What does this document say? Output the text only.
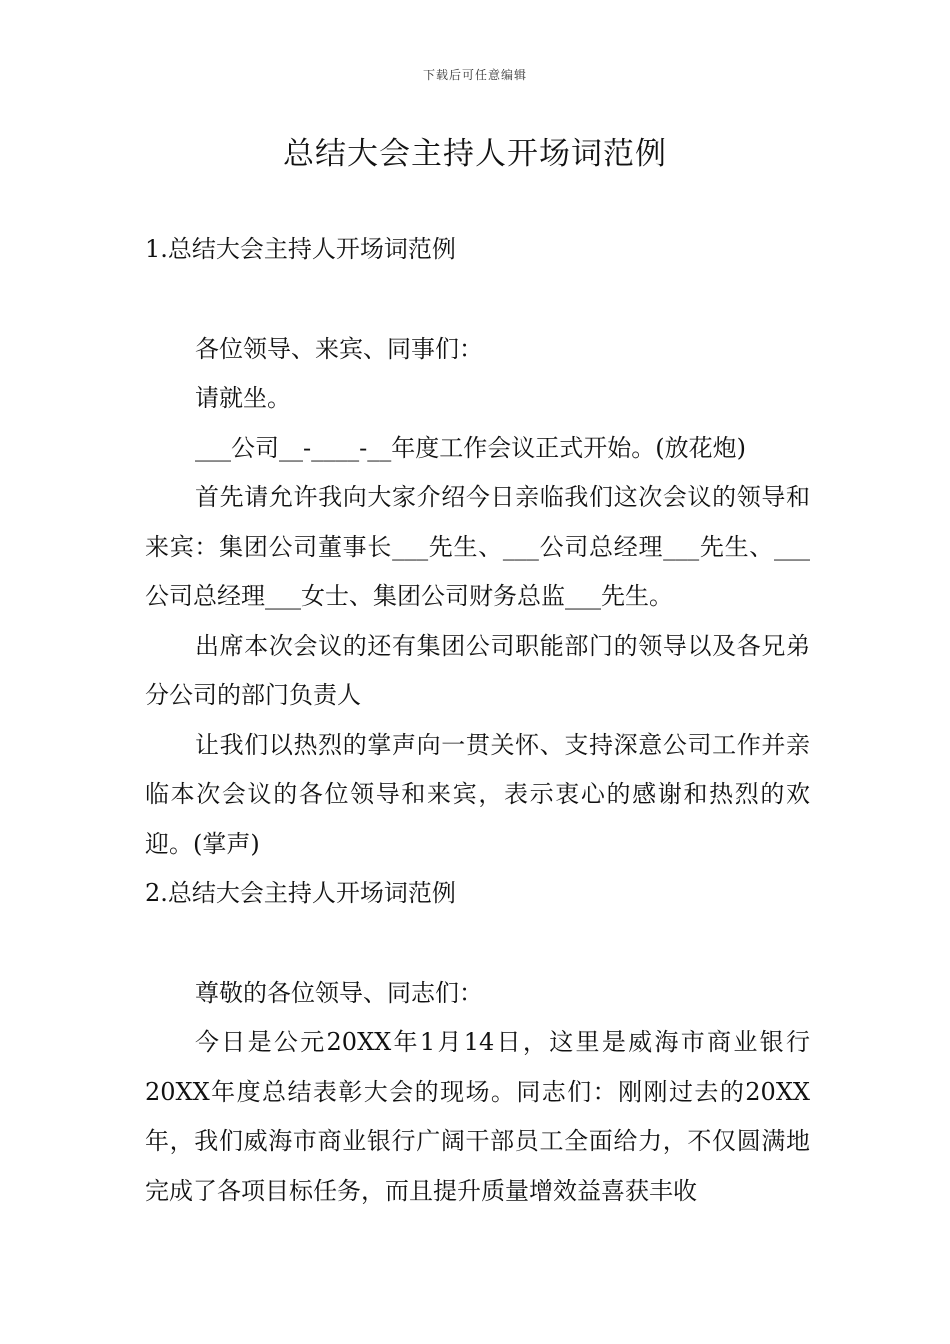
下载后可任意编辑
总结大会主持人开场词范例

1.总结大会主持人开场词范例

各位领导、来宾、同事们：

请就坐。

___公司__-____-__年度工作会议正式开始。(放花炮)

首先请允许我向大家介绍今日亲临我们这次会议的领导和来宾：集团公司董事长___先生、___公司总经理___先生、___公司总经理___女士、集团公司财务总监___先生。

出席本次会议的还有集团公司职能部门的领导以及各兄弟分公司的部门负责人

让我们以热烈的掌声向一贯关怀、支持深意公司工作并亲临本次会议的各位领导和来宾，表示衷心的感谢和热烈的欢迎。(掌声)

2.总结大会主持人开场词范例

尊敬的各位领导、同志们：

今日是公元20XX年1月14日，这里是威海市商业银行20XX年度总结表彰大会的现场。同志们：刚刚过去的20XX年，我们威海市商业银行广阔干部员工全面给力，不仅圆满地完成了各项目标任务，而且提升质量增效益喜获丰收
